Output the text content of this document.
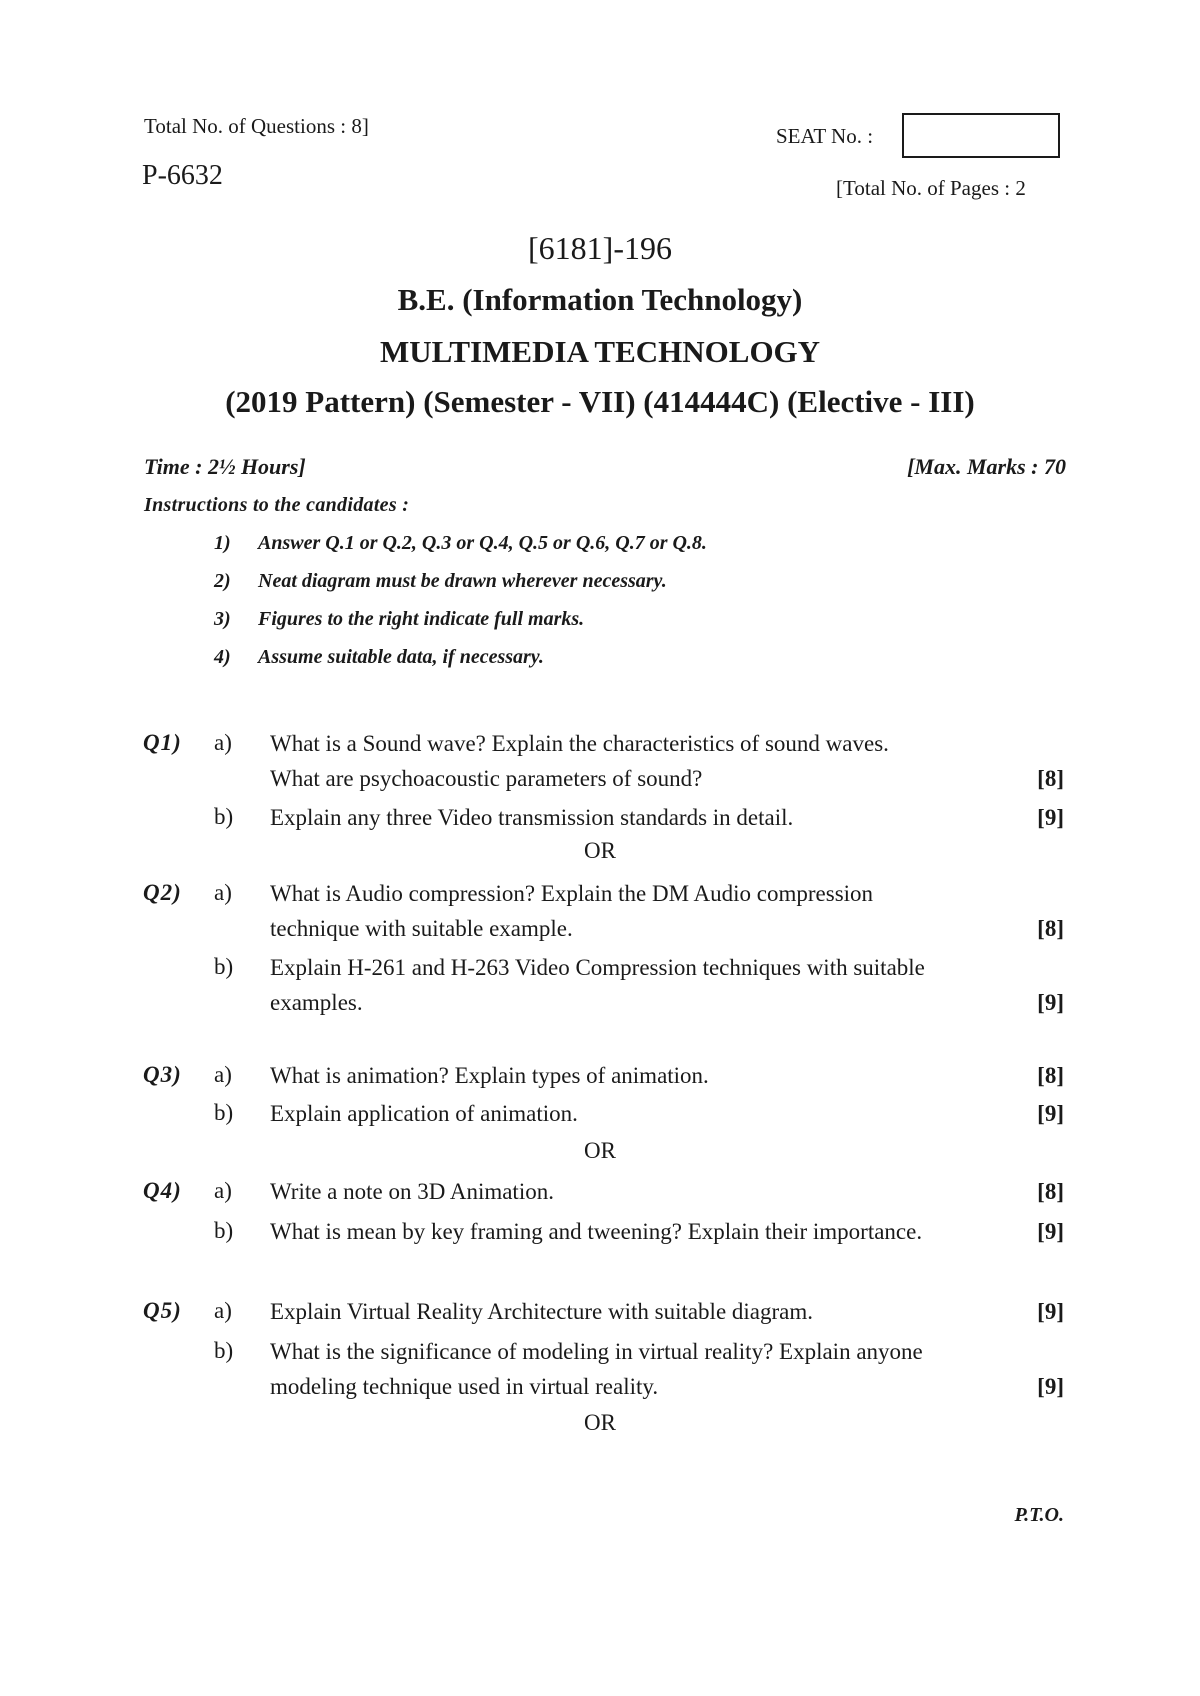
Total No. of Questions : 8]
P-6632
SEAT No. :
[Total No. of Pages : 2
[6181]-196
B.E. (Information Technology)
MULTIMEDIA TECHNOLOGY
(2019 Pattern) (Semester - VII) (414444C) (Elective - III)
Time : 2½ Hours]	[Max. Marks : 70
Instructions to the candidates :
1) Answer Q.1 or Q.2, Q.3 or Q.4, Q.5 or Q.6, Q.7 or Q.8.
2) Neat diagram must be drawn wherever necessary.
3) Figures to the right indicate full marks.
4) Assume suitable data, if necessary.
Q1) a) What is a Sound wave? Explain the characteristics of sound waves.
What are psychoacoustic parameters of sound?	[8]
b) Explain any three Video transmission standards in detail.	[9]
OR
Q2) a) What is Audio compression? Explain the DM Audio compression
technique with suitable example.	[8]
b) Explain H-261 and H-263 Video Compression techniques with suitable
examples.	[9]
Q3) a) What is animation? Explain types of animation.	[8]
b) Explain application of animation.	[9]
OR
Q4) a) Write a note on 3D Animation.	[8]
b) What is mean by key framing and tweening? Explain their importance.	[9]
Q5) a) Explain Virtual Reality Architecture with suitable diagram.	[9]
b) What is the significance of modeling in virtual reality? Explain anyone
modeling technique used in virtual reality.	[9]
OR
P.T.O.
